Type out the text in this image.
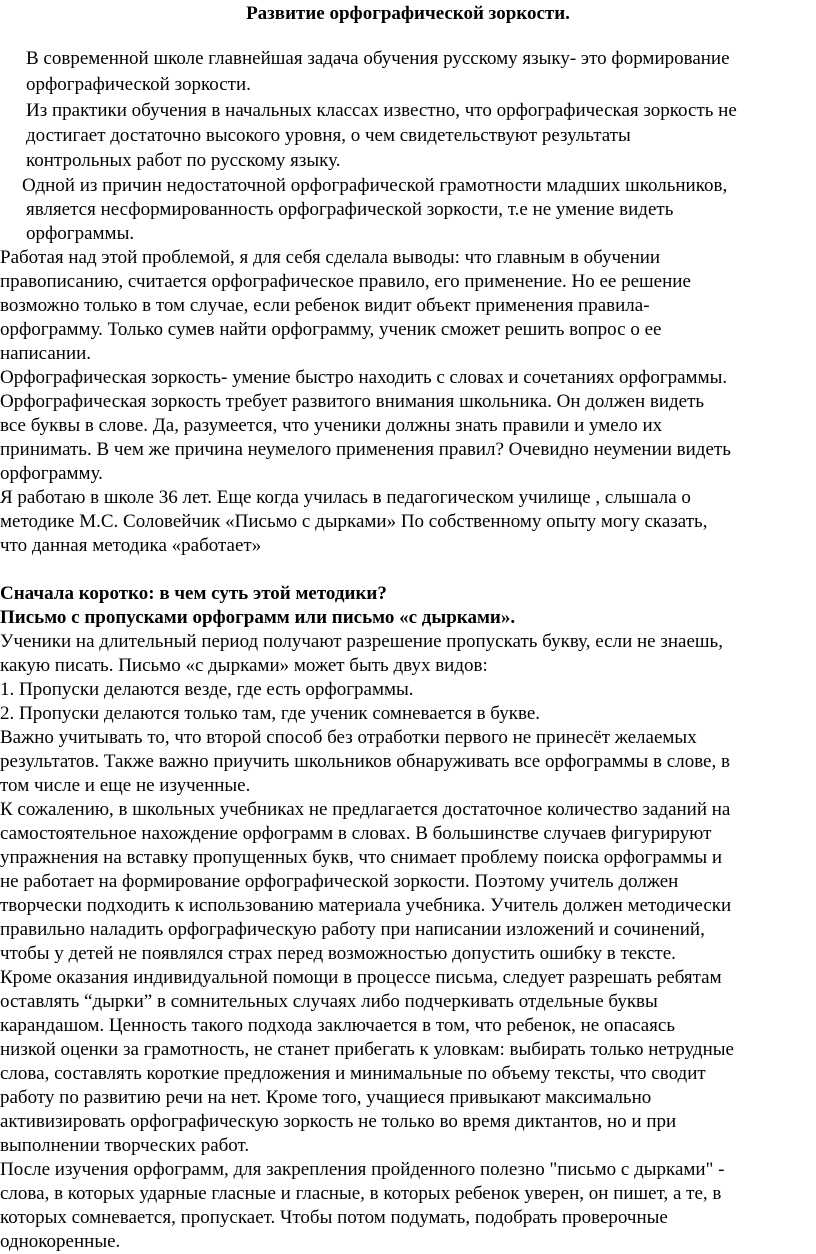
Развитие орфографической зоркости.
В современной школе главнейшая задача обучения русскому языку- это формирование
орфографической зоркости.
Из практики обучения в начальных классах известно, что орфографическая зоркость не
достигает достаточно высокого уровня, о чем свидетельствуют результаты
контрольных работ по русскому языку.
Одной из причин недостаточной орфографической грамотности младших школьников,
является несформированность орфографической зоркости, т.е не умение видеть
орфограммы.
Работая над этой проблемой, я для себя сделала выводы: что главным в обучении
правописанию, считается орфографическое правило, его применение. Но ее решение
возможно только в том случае, если ребенок видит объект применения правила-
орфограмму. Только сумев найти орфограмму, ученик сможет решить вопрос о ее
написании.
Орфографическая зоркость- умение быстро находить с словах и сочетаниях орфограммы.
Орфографическая зоркость требует развитого внимания школьника. Он должен видеть
все буквы в слове. Да, разумеется, что ученики должны знать правили и умело их
принимать. В чем же причина неумелого применения правил? Очевидно неумении видеть
орфограмму.
Я работаю в школе 36 лет. Еще когда училась в педагогическом училище , слышала о
методике М.С. Соловейчик «Письмо с дырками» По собственному опыту могу сказать,
что данная методика «работает»
Сначала коротко: в чем суть этой методики?
Письмо с пропусками орфограмм или письмо «с дырками».
Ученики на длительный период получают разрешение пропускать букву, если не знаешь,
какую писать. Письмо «с дырками» может быть двух видов:
1. Пропуски делаются везде, где есть орфограммы.
2. Пропуски делаются только там, где ученик сомневается в букве.
Важно учитывать то, что второй способ без отработки первого не принесёт желаемых
результатов. Также важно приучить школьников обнаруживать все орфограммы в слове, в
том числе и еще не изученные.
К сожалению, в школьных учебниках не предлагается достаточное количество заданий на
самостоятельное нахождение орфограмм в словах. В большинстве случаев фигурируют
упражнения на вставку пропущенных букв, что снимает проблему поиска орфограммы и
не работает на формирование орфографической зоркости. Поэтому учитель должен
творчески подходить к использованию материала учебника. Учитель должен методически
правильно наладить орфографическую работу при написании изложений и сочинений,
чтобы у детей не появлялся страх перед возможностью допустить ошибку в тексте.
Кроме оказания индивидуальной помощи в процессе письма, следует разрешать ребятам
оставлять “дырки” в сомнительных случаях либо подчеркивать отдельные буквы
карандашом. Ценность такого подхода заключается в том, что ребенок, не опасаясь
низкой оценки за грамотность, не станет прибегать к уловкам: выбирать только нетрудные
слова, составлять короткие предложения и минимальные по объему тексты, что сводит
работу по развитию речи на нет. Кроме того, учащиеся привыкают максимально
активизировать орфографическую зоркость не только во время диктантов, но и при
выполнении творческих работ.
После изучения орфограмм, для закрепления пройденного полезно "письмо с дырками" -
слова, в которых ударные гласные и гласные, в которых ребенок уверен, он пишет, а те, в
которых сомневается, пропускает. Чтобы потом подумать, подобрать проверочные
однокоренные.
